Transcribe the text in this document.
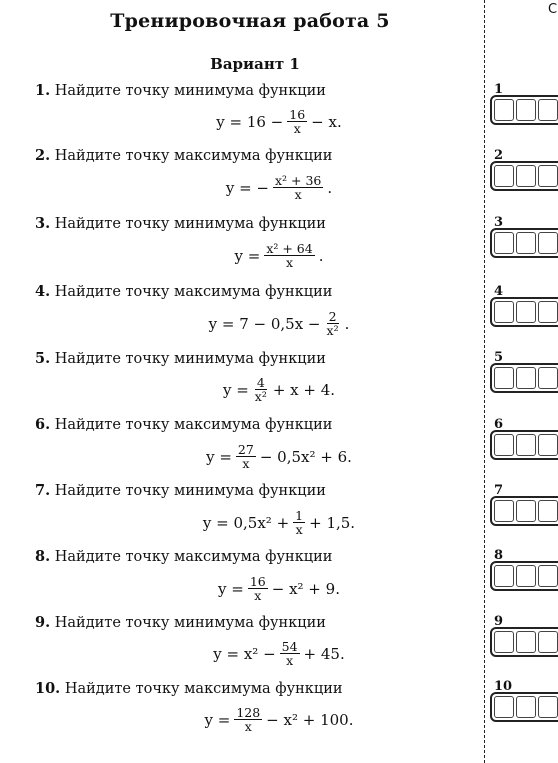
Тренировочная работа 5
Вариант 1
С
1. Найдите точку минимума функции
$y = 16 - \frac{16}{x} - x$.
2. Найдите точку максимума функции
y = − $\frac{\text{x² + 36}}{x}$ .
3. Найдите точку минимума функции
$y = \frac{\text{x² + 64}}{x}$ .
4. Найдите точку максимума функции
$y = 7 - 0,5x - \frac{2}{\text{x²}}$ .
5. Найдите точку минимума функции
$y = \frac{4}{\text{x²}} + x + 4$.
6. Найдите точку максимума функции
$y = \frac{27}{x} - 0,5x^2 + 6$.
7. Найдите точку минимума функции
$y = 0,5x^2 + \frac{1}{x} + 1,5$.
8. Найдите точку максимума функции
$y = \frac{16}{x} - x^2 + 9$.
9. Найдите точку минимума функции
$y = x^2 - \frac{54}{x} + 45$.
10. Найдите точку максимума функции
$y = \frac{128}{x} - x^2 + 100$.
1
2
3
4
5
6
7
8
9
10
